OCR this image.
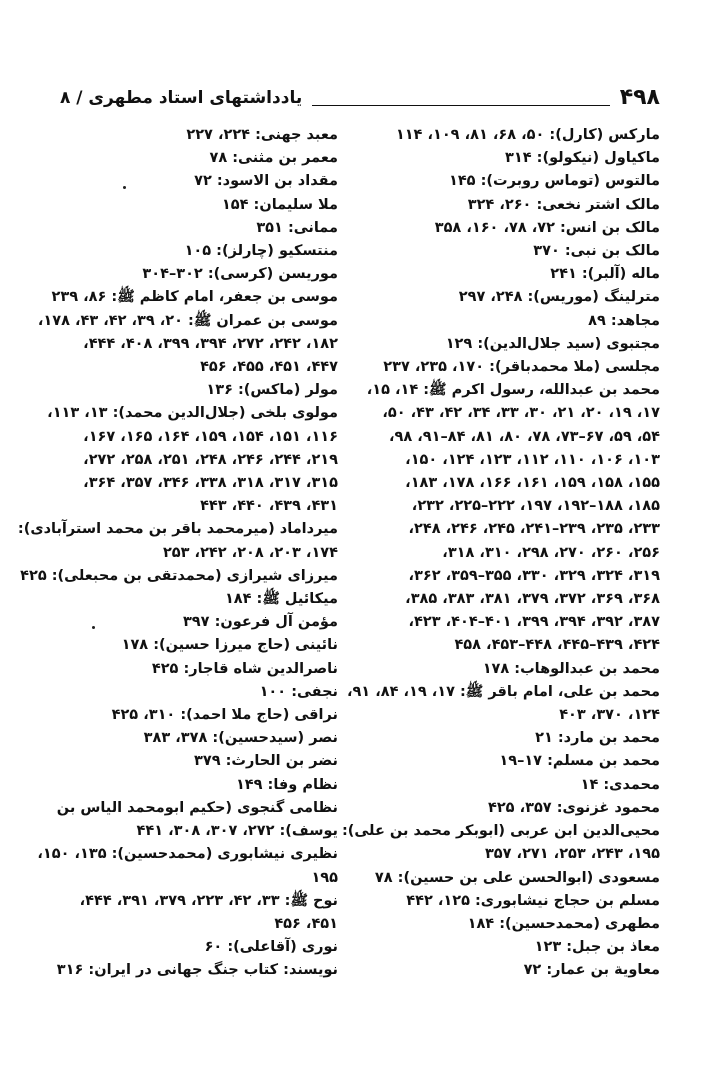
۴۹۸
یادداشتهای استاد مطهری / ۸
مارکس (کارل): ۵۰، ۶۸، ۸۱، ۱۰۹، ۱۱۴
ماکیاول (نیکولو): ۳۱۴
مالتوس (توماس روبرت): ۱۴۵
مالک اشتر نخعی: ۲۶۰، ۳۲۴
مالک بن انس: ۷۲، ۷۸، ۱۶۰، ۳۵۸
مالک بن نبی: ۳۷۰
ماله (آلبر): ۲۴۱
مترلینگ (موریس): ۲۴۸، ۲۹۷
مجاهد: ۸۹
مجتبوی (سید جلال‌الدین): ۱۲۹
مجلسی (ملا محمدباقر): ۱۷۰، ۲۳۵، ۲۳۷
محمد بن عبدالله، رسول اکرم ﷺ: ۱۴، ۱۵،
۱۷، ۱۹، ۲۰، ۲۱، ۳۰، ۳۳، ۳۴، ۴۲، ۴۳، ۵۰،
۵۴، ۵۹، ۶۷–۷۳، ۷۸، ۸۰، ۸۱، ۸۴–۹۱، ۹۸،
۱۰۳، ۱۰۶، ۱۱۰، ۱۱۲، ۱۲۳، ۱۲۴، ۱۵۰،
۱۵۵، ۱۵۸، ۱۵۹، ۱۶۱، ۱۶۶، ۱۷۸، ۱۸۳،
۱۸۵، ۱۸۸–۱۹۲، ۱۹۷، ۲۲۲–۲۲۵، ۲۳۲،
۲۳۳، ۲۳۵، ۲۳۹–۲۴۱، ۲۴۵، ۲۴۶، ۲۴۸،
۲۵۶، ۲۶۰، ۲۷۰، ۲۹۸، ۳۱۰، ۳۱۸،
۳۱۹، ۳۲۴، ۳۲۹، ۳۳۰، ۳۵۵–۳۵۹، ۳۶۲،
۳۶۸، ۳۶۹، ۳۷۲، ۳۷۹، ۳۸۱، ۳۸۳، ۳۸۵،
۳۸۷، ۳۹۲، ۳۹۴، ۳۹۹، ۴۰۱–۴۰۴، ۴۲۳،
۴۲۴، ۴۳۹–۴۴۵، ۴۴۸–۴۵۳، ۴۵۸
محمد بن عبدالوهاب: ۱۷۸
محمد بن علی، امام باقر ﷺ: ۱۷، ۱۹، ۸۴، ۹۱،
۱۲۴، ۳۷۰، ۴۰۳
محمد بن مارد: ۲۱
محمد بن مسلم: ۱۷–۱۹
محمدی: ۱۴
محمود غزنوی: ۳۵۷، ۴۲۵
محیی‌الدین ابن عربی (ابوبکر محمد بن علی):
۱۹۵، ۲۴۳، ۲۵۳، ۲۷۱، ۳۵۷
مسعودی (ابوالحسن علی بن حسین): ۷۸
مسلم بن حجاج نیشابوری: ۱۲۵، ۴۴۲
مطهری (محمدحسین): ۱۸۴
معاذ بن جبل: ۱۲۳
معاویة بن عمار: ۷۲
معبد جهنی: ۲۲۴، ۲۲۷
معمر بن مثنی: ۷۸
مقداد بن الاسود: ۷۲
ملا سلیمان: ۱۵۴
ممانی: ۳۵۱
منتسکیو (چارلز): ۱۰۵
موریسن (کرسی): ۳۰۲–۳۰۴
موسی بن جعفر، امام کاظم ﷺ: ۸۶، ۲۳۹
موسی بن عمران ﷺ: ۲۰، ۳۹، ۴۲، ۴۳، ۱۷۸،
۱۸۲، ۲۴۲، ۲۷۲، ۳۹۴، ۳۹۹، ۴۰۸، ۴۴۴،
۴۴۷، ۴۵۱، ۴۵۵، ۴۵۶
مولر (ماکس): ۱۳۶
مولوی بلخی (جلال‌الدین محمد): ۱۳، ۱۱۳،
۱۱۶، ۱۵۱، ۱۵۴، ۱۵۹، ۱۶۴، ۱۶۵، ۱۶۷،
۲۱۹، ۲۴۴، ۲۴۶، ۲۴۸، ۲۵۱، ۲۵۸، ۲۷۲،
۳۱۵، ۳۱۷، ۳۱۸، ۳۳۸، ۳۴۶، ۳۵۷، ۳۶۴،
۴۳۱، ۴۳۹، ۴۴۰، ۴۴۳
میرداماد (میرمحمد باقر بن محمد استرآبادی):
۱۷۴، ۲۰۳، ۲۰۸، ۲۴۲، ۲۵۳
میرزای شیرازی (محمدتقی بن محبعلی): ۴۲۵
میکائیل ﷺ: ۱۸۴
مؤمن آل فرعون: ۳۹۷
نائینی (حاج میرزا حسین): ۱۷۸
ناصرالدین شاه قاجار: ۴۲۵
نجفی: ۱۰۰
نراقی (حاج ملا احمد): ۳۱۰، ۴۲۵
نصر (سیدحسین): ۳۷۸، ۳۸۳
نضر بن الحارث: ۳۷۹
نظام وفا: ۱۴۹
نظامی گنجوی (حکیم ابومحمد الیاس بن
یوسف): ۲۷۲، ۳۰۷، ۳۰۸، ۴۴۱
نظیری نیشابوری (محمدحسین): ۱۳۵، ۱۵۰،
۱۹۵
نوح ﷺ: ۳۳، ۴۲، ۲۲۳، ۳۷۹، ۳۹۱، ۴۴۴،
۴۵۱، ۴۵۶
نوری (آقاعلی): ۶۰
نویسند: کتاب جنگ جهانی در ایران: ۳۱۶
